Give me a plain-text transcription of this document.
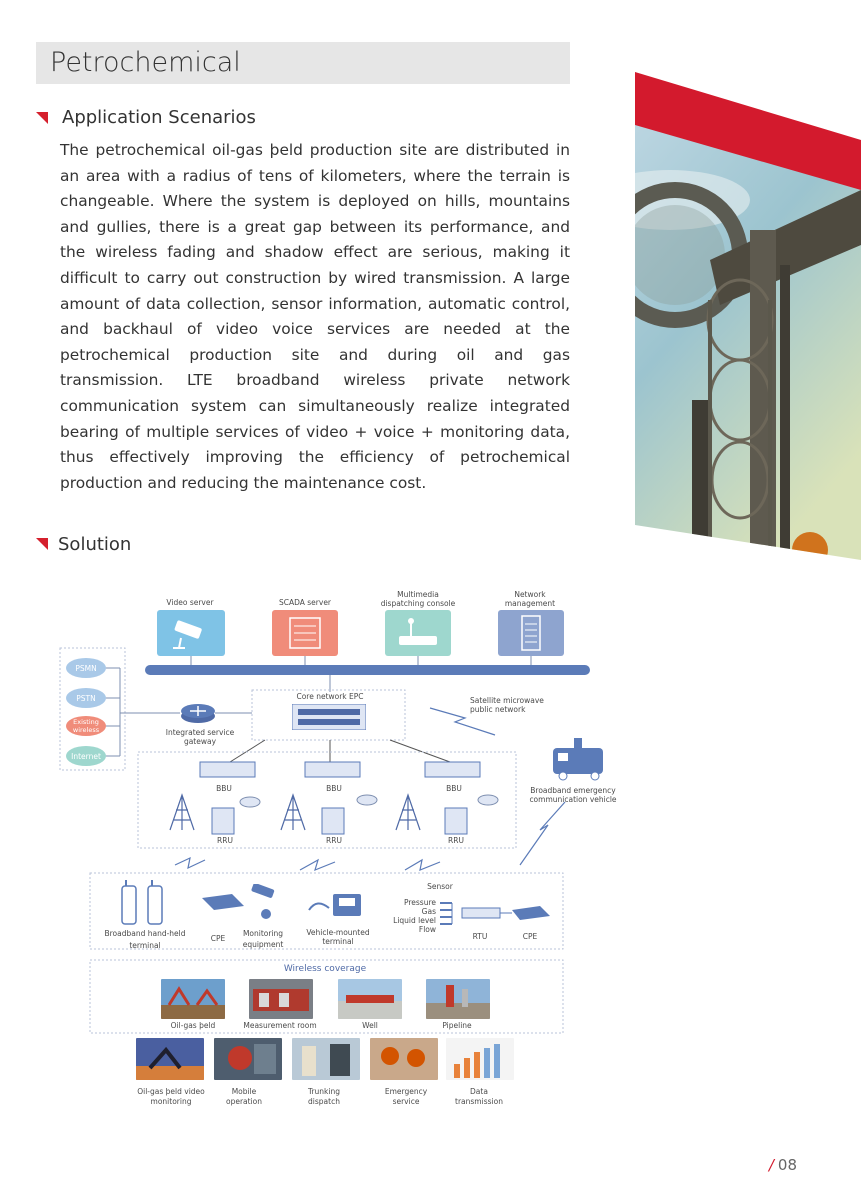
Petrochemical
Application Scenarios
The petrochemical oil-gas þeld production site are distributed in an area with a radius of tens of kilometers, where the terrain is changeable. Where the system is deployed on hills, mountains and gullies, there is a great gap between its performance, and the wireless fading and shadow effect are serious, making it difficult to carry out construction by wired transmission. A large amount of data collection, sensor information, automatic control, and backhaul of video voice services are needed at the petrochemical production site and during oil and gas transmission. LTE broadband wireless private network communication system can simultaneously realize integrated bearing of multiple services of video + voice + monitoring data, thus effectively improving the efficiency of petrochemical production and reducing the maintenance cost.
Solution
Video server	SCADA server
Multimedia dispatching console
Network management
PSMN
PSTN
Existing wireless
Internet
Integrated service gateway
Core network EPC	Satellite microwave public network
Broadband emergency communication vehicle
BBU	BBU	BBU
RRU	RRU	RRU
Broadband hand-held terminal
CPE
Monitoring equipment
Vehicle-mounted terminal
Sensor
Pressure
Gas
Liquid level
Flow
RTU	CPE
Wireless coverage
Oil-gas þeld	Measurement room	Well	Pipeline
Oil-gas þeld video monitoring
Mobile operation
Trunking dispatch
Emergency service
Data transmission
/ 08
